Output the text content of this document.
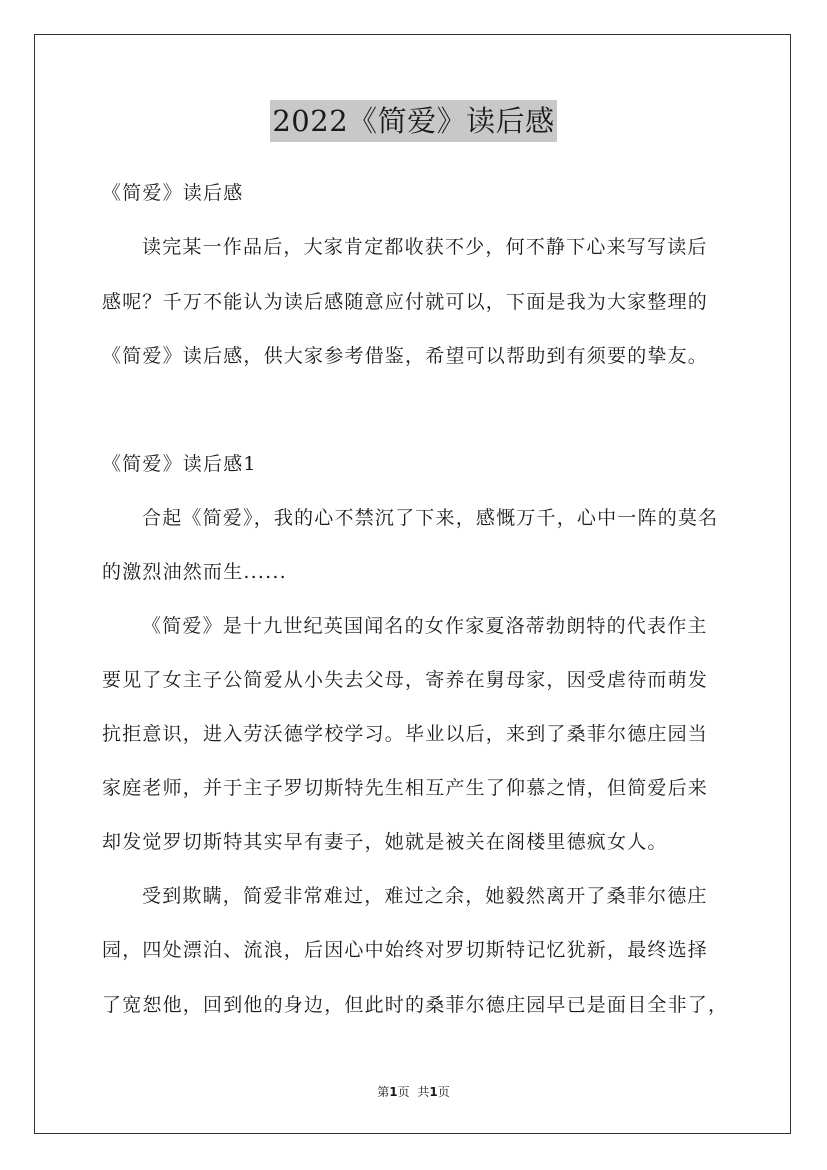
2022《简爱》读后感
《简爱》读后感
读完某一作品后，大家肯定都收获不少，何不静下心来写写读后
感呢？千万不能认为读后感随意应付就可以，下面是我为大家整理的
《简爱》读后感，供大家参考借鉴，希望可以帮助到有须要的挚友。
《简爱》读后感1
合起《简爱》，我的心不禁沉了下来，感慨万千，心中一阵的莫名
的激烈油然而生......
《简爱》是十九世纪英国闻名的女作家夏洛蒂勃朗特的代表作主
要见了女主子公简爱从小失去父母，寄养在舅母家，因受虐待而萌发
抗拒意识，进入劳沃德学校学习。毕业以后，来到了桑菲尔德庄园当
家庭老师，并于主子罗切斯特先生相互产生了仰慕之情，但简爱后来
却发觉罗切斯特其实早有妻子，她就是被关在阁楼里德疯女人。
受到欺瞒，简爱非常难过，难过之余，她毅然离开了桑菲尔德庄
园，四处漂泊、流浪，后因心中始终对罗切斯特记忆犹新，最终选择
了宽恕他，回到他的身边，但此时的桑菲尔德庄园早已是面目全非了，
第1页 共1页
